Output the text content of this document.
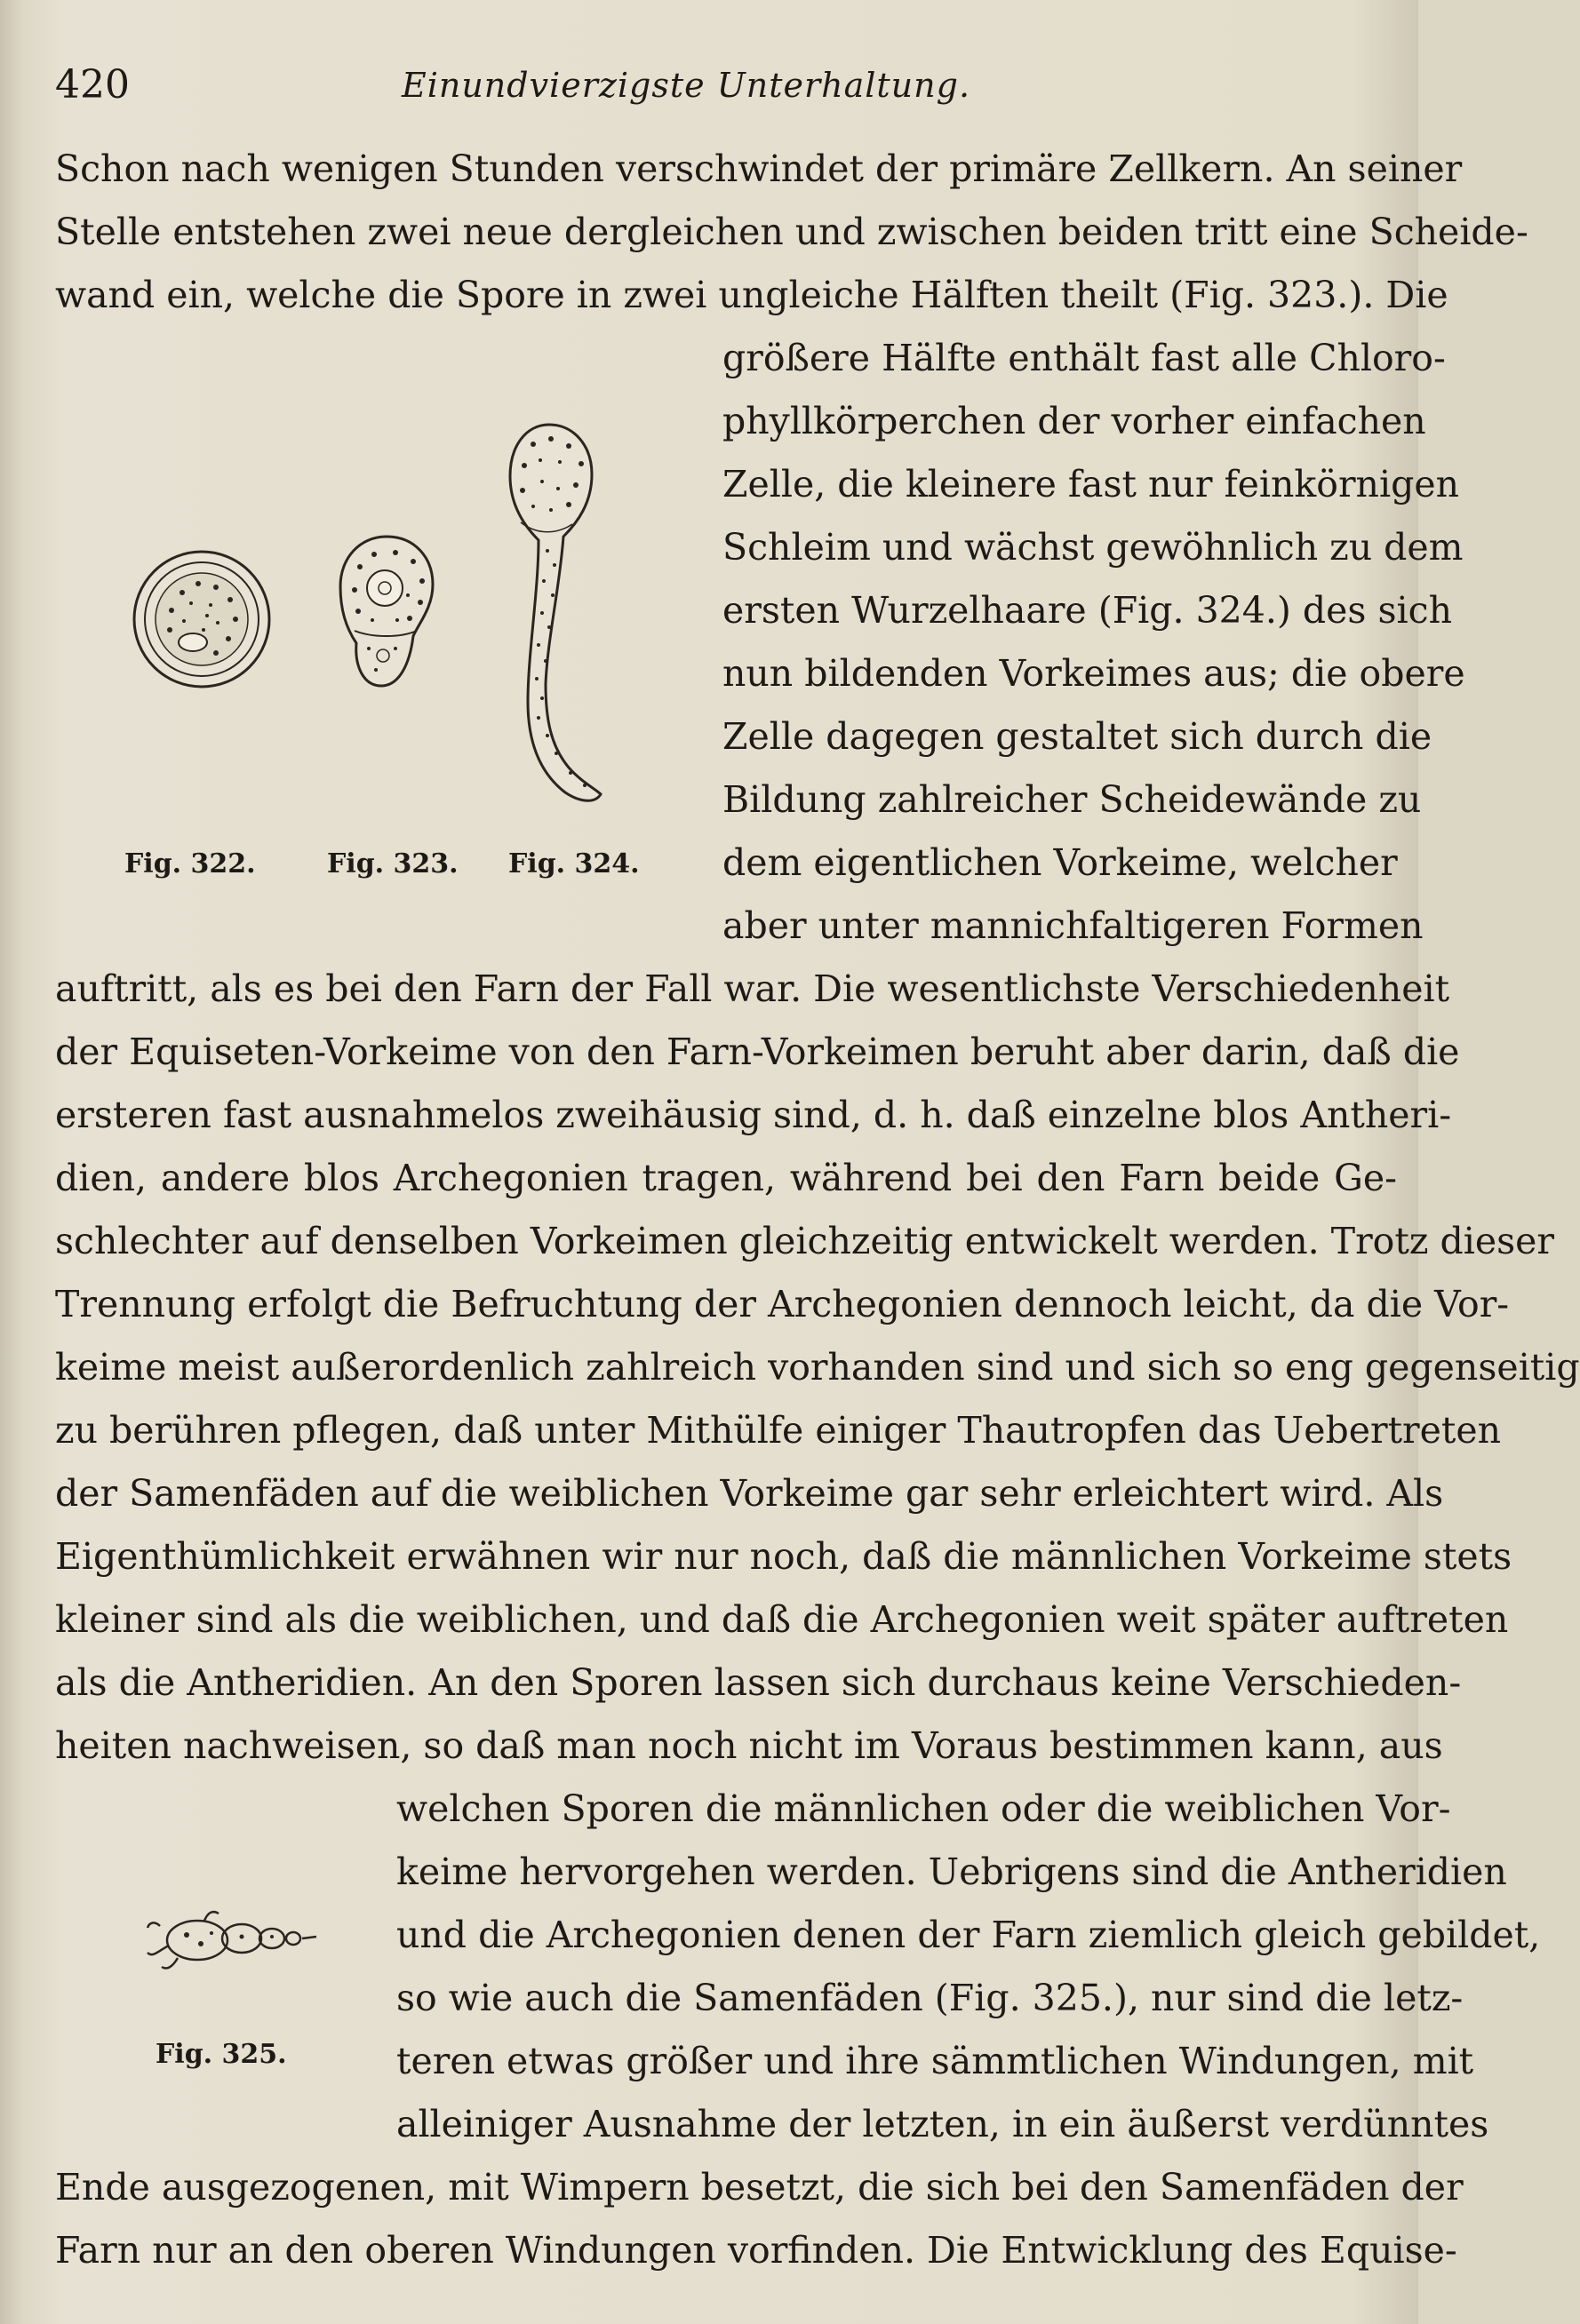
420	Einundvierzigste Unterhaltung.
Fig. 322.	Fig. 323. Fig. 324.
Fig. 325.
Schon nach wenigen Stunden verschwindet der primäre Zellkern. An seiner
Stelle entstehen zwei neue dergleichen und zwischen beiden tritt eine Scheide-
wand ein, welche die Spore in zwei ungleiche Hälften theilt (Fig. 323.). Die
größere Hälfte enthält fast alle Chloro-
phyllkörperchen der vorher einfachen
Zelle, die kleinere fast nur feinkörnigen
Schleim und wächst gewöhnlich zu dem
ersten Wurzelhaare (Fig. 324.) des sich
nun bildenden Vorkeimes aus; die obere
Zelle dagegen gestaltet sich durch die
Bildung zahlreicher Scheidewände zu
dem eigentlichen Vorkeime, welcher
aber unter mannichfaltigeren Formen
auftritt, als es bei den Farn der Fall war. Die wesentlichste Verschiedenheit
der Equiseten-Vorkeime von den Farn-Vorkeimen beruht aber darin, daß die
ersteren fast ausnahmelos zweihäusig sind, d. h. daß einzelne blos Antheri-
dien, andere blos Archegonien tragen, während bei den Farn beide Ge-
schlechter auf denselben Vorkeimen gleichzeitig entwickelt werden. Trotz dieser
Trennung erfolgt die Befruchtung der Archegonien dennoch leicht, da die Vor-
keime meist außerordenlich zahlreich vorhanden sind und sich so eng gegenseitig
zu berühren pflegen, daß unter Mithülfe einiger Thautropfen das Uebertreten
der Samenfäden auf die weiblichen Vorkeime gar sehr erleichtert wird. Als
Eigenthümlichkeit erwähnen wir nur noch, daß die männlichen Vorkeime stets
kleiner sind als die weiblichen, und daß die Archegonien weit später auftreten
als die Antheridien. An den Sporen lassen sich durchaus keine Verschieden-
heiten nachweisen, so daß man noch nicht im Voraus bestimmen kann, aus
welchen Sporen die männlichen oder die weiblichen Vor-
keime hervorgehen werden. Uebrigens sind die Antheridien
und die Archegonien denen der Farn ziemlich gleich gebildet,
so wie auch die Samenfäden (Fig. 325.), nur sind die letz-
teren etwas größer und ihre sämmtlichen Windungen, mit
alleiniger Ausnahme der letzten, in ein äußerst verdünntes
Ende ausgezogenen, mit Wimpern besetzt, die sich bei den Samenfäden der
Farn nur an den oberen Windungen vorfinden. Die Entwicklung des Equise-
